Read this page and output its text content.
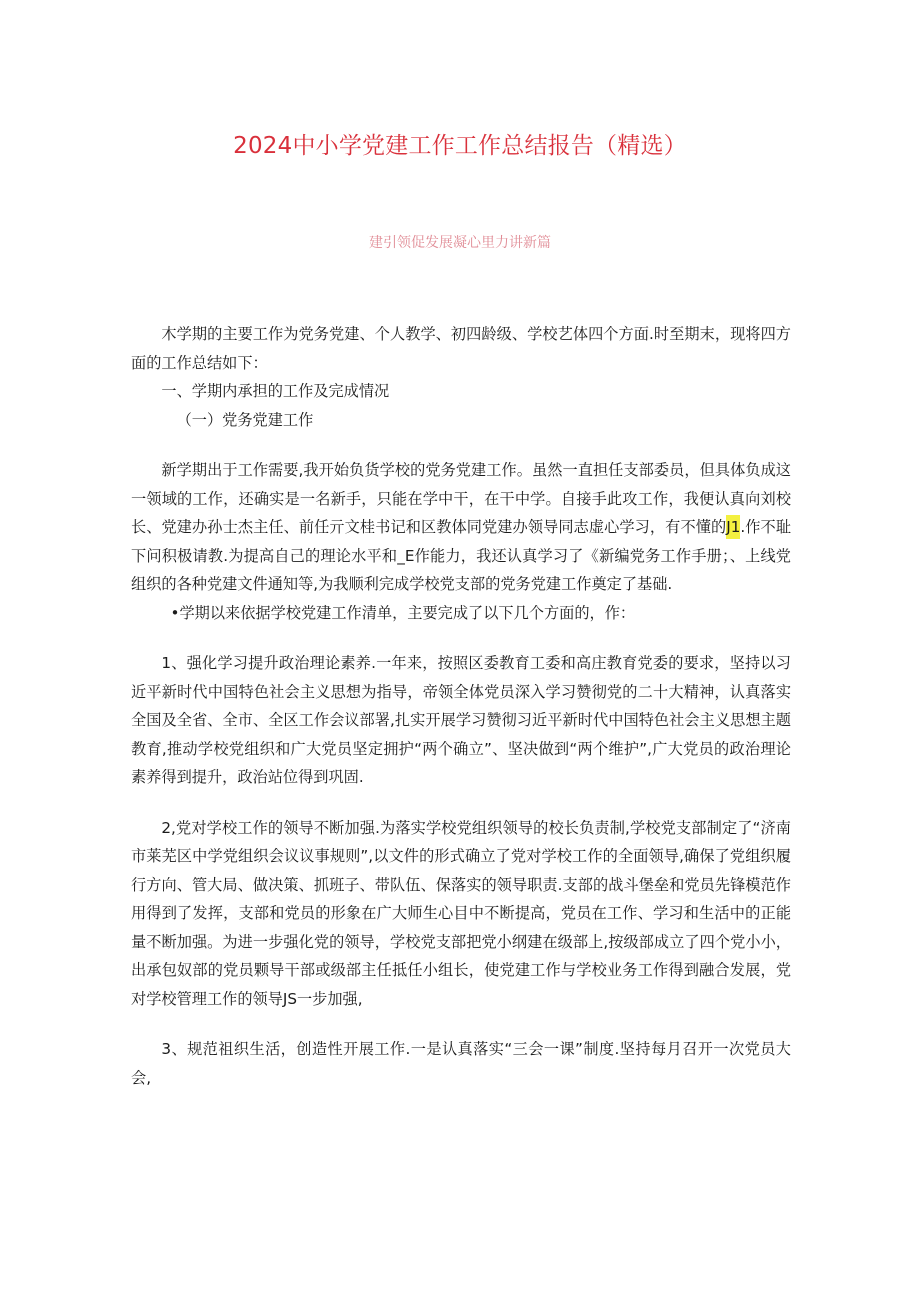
2024中小学党建工作工作总结报告（精选）
建引领促发展凝心里力讲新篇

木学期的主要工作为党务党建、个人教学、初四龄级、学校艺体四个方面.时至期末，现将四方面的工作总结如下：

一、学期内承担的工作及完成情况

（一）党务党建工作

新学期出于工作需要,我开始负货学校的党务党建工作。虽然一直担任支部委员，但具体负成这一领域的工作，还确实是一名新手，只能在学中干，在干中学。自接手此攻工作，我便认真向刘校长、党建办孙士杰主任、前任亓文桂书记和区教体同党建办领导同志虚心学习，有不懂的J1.作不耻下问积极请教.为提高自己的理论水平和_E作能力，我还认真学习了《新编党务工作手册；、上线党组织的各种党建文件通知等,为我顺利完成学校党支部的党务党建工作奠定了基础.

•学期以来依据学校党建工作清单，主要完成了以下几个方面的，作：

1、强化学习提升政治理论素养.一年来，按照区委教育工委和高庄教育党委的要求，坚持以习近平新时代中国特色社会主义思想为指导，帝领全体党员深入学习赞彻党的二十大精神，认真落实全国及全省、全市、全区工作会议部署,扎实开展学习赞彻习近平新时代中国特色社会主义思想主题教育,推动学校党组织和广大党员坚定拥护“两个确立”、坚决做到“两个维护”,广大党员的政治理论素养得到提升，政治站位得到巩固.

2,党对学校工作的领导不断加强.为落实学校党组织领导的校长负责制,学校党支部制定了“济南市莱芜区中学党组织会议议事规则”,以文件的形式确立了党对学校工作的全面领导,确保了党组织履行方向、管大局、做决策、抓班子、带队伍、保落实的领导职责.支部的战斗堡垒和党员先锋模范作用得到了发挥，支部和党员的形象在广大师生心目中不断提高，党员在工作、学习和生活中的正能量不断加强。为进一步强化党的领导，学校党支部把党小纲建在级部上,按级部成立了四个党小小，出承包奴部的党员颗导干部或级部主任抵任小组长，使党建工作与学校业务工作得到融合发展，党对学校管理工作的领导JS一步加强,

3、规范祖织生活，创造性开展工作.一是认真落实“三会一课”制度.坚持每月召开一次党员大会,
